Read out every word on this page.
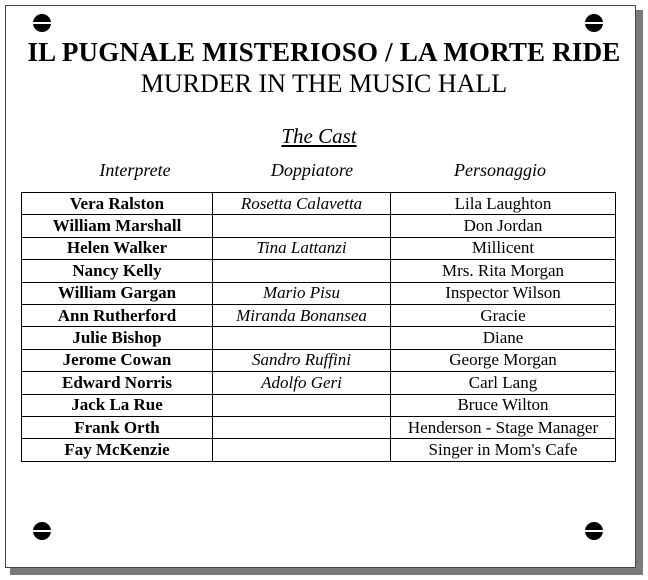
IL PUGNALE MISTERIOSO / LA MORTE RIDE
MURDER IN THE MUSIC HALL
The Cast
Interprete	Doppiatore	Personaggio
Vera Ralston	Rosetta Calavetta	Lila Laughton
William Marshall		Don Jordan
Helen Walker	Tina Lattanzi	Millicent
Nancy Kelly		Mrs. Rita Morgan
William Gargan	Mario Pisu	Inspector Wilson
Ann Rutherford	Miranda Bonansea	Gracie
Julie Bishop		Diane
Jerome Cowan	Sandro Ruffini	George Morgan
Edward Norris	Adolfo Geri	Carl Lang
Jack La Rue		Bruce Wilton
Frank Orth		Henderson - Stage Manager
Fay McKenzie		Singer in Mom's Cafe
